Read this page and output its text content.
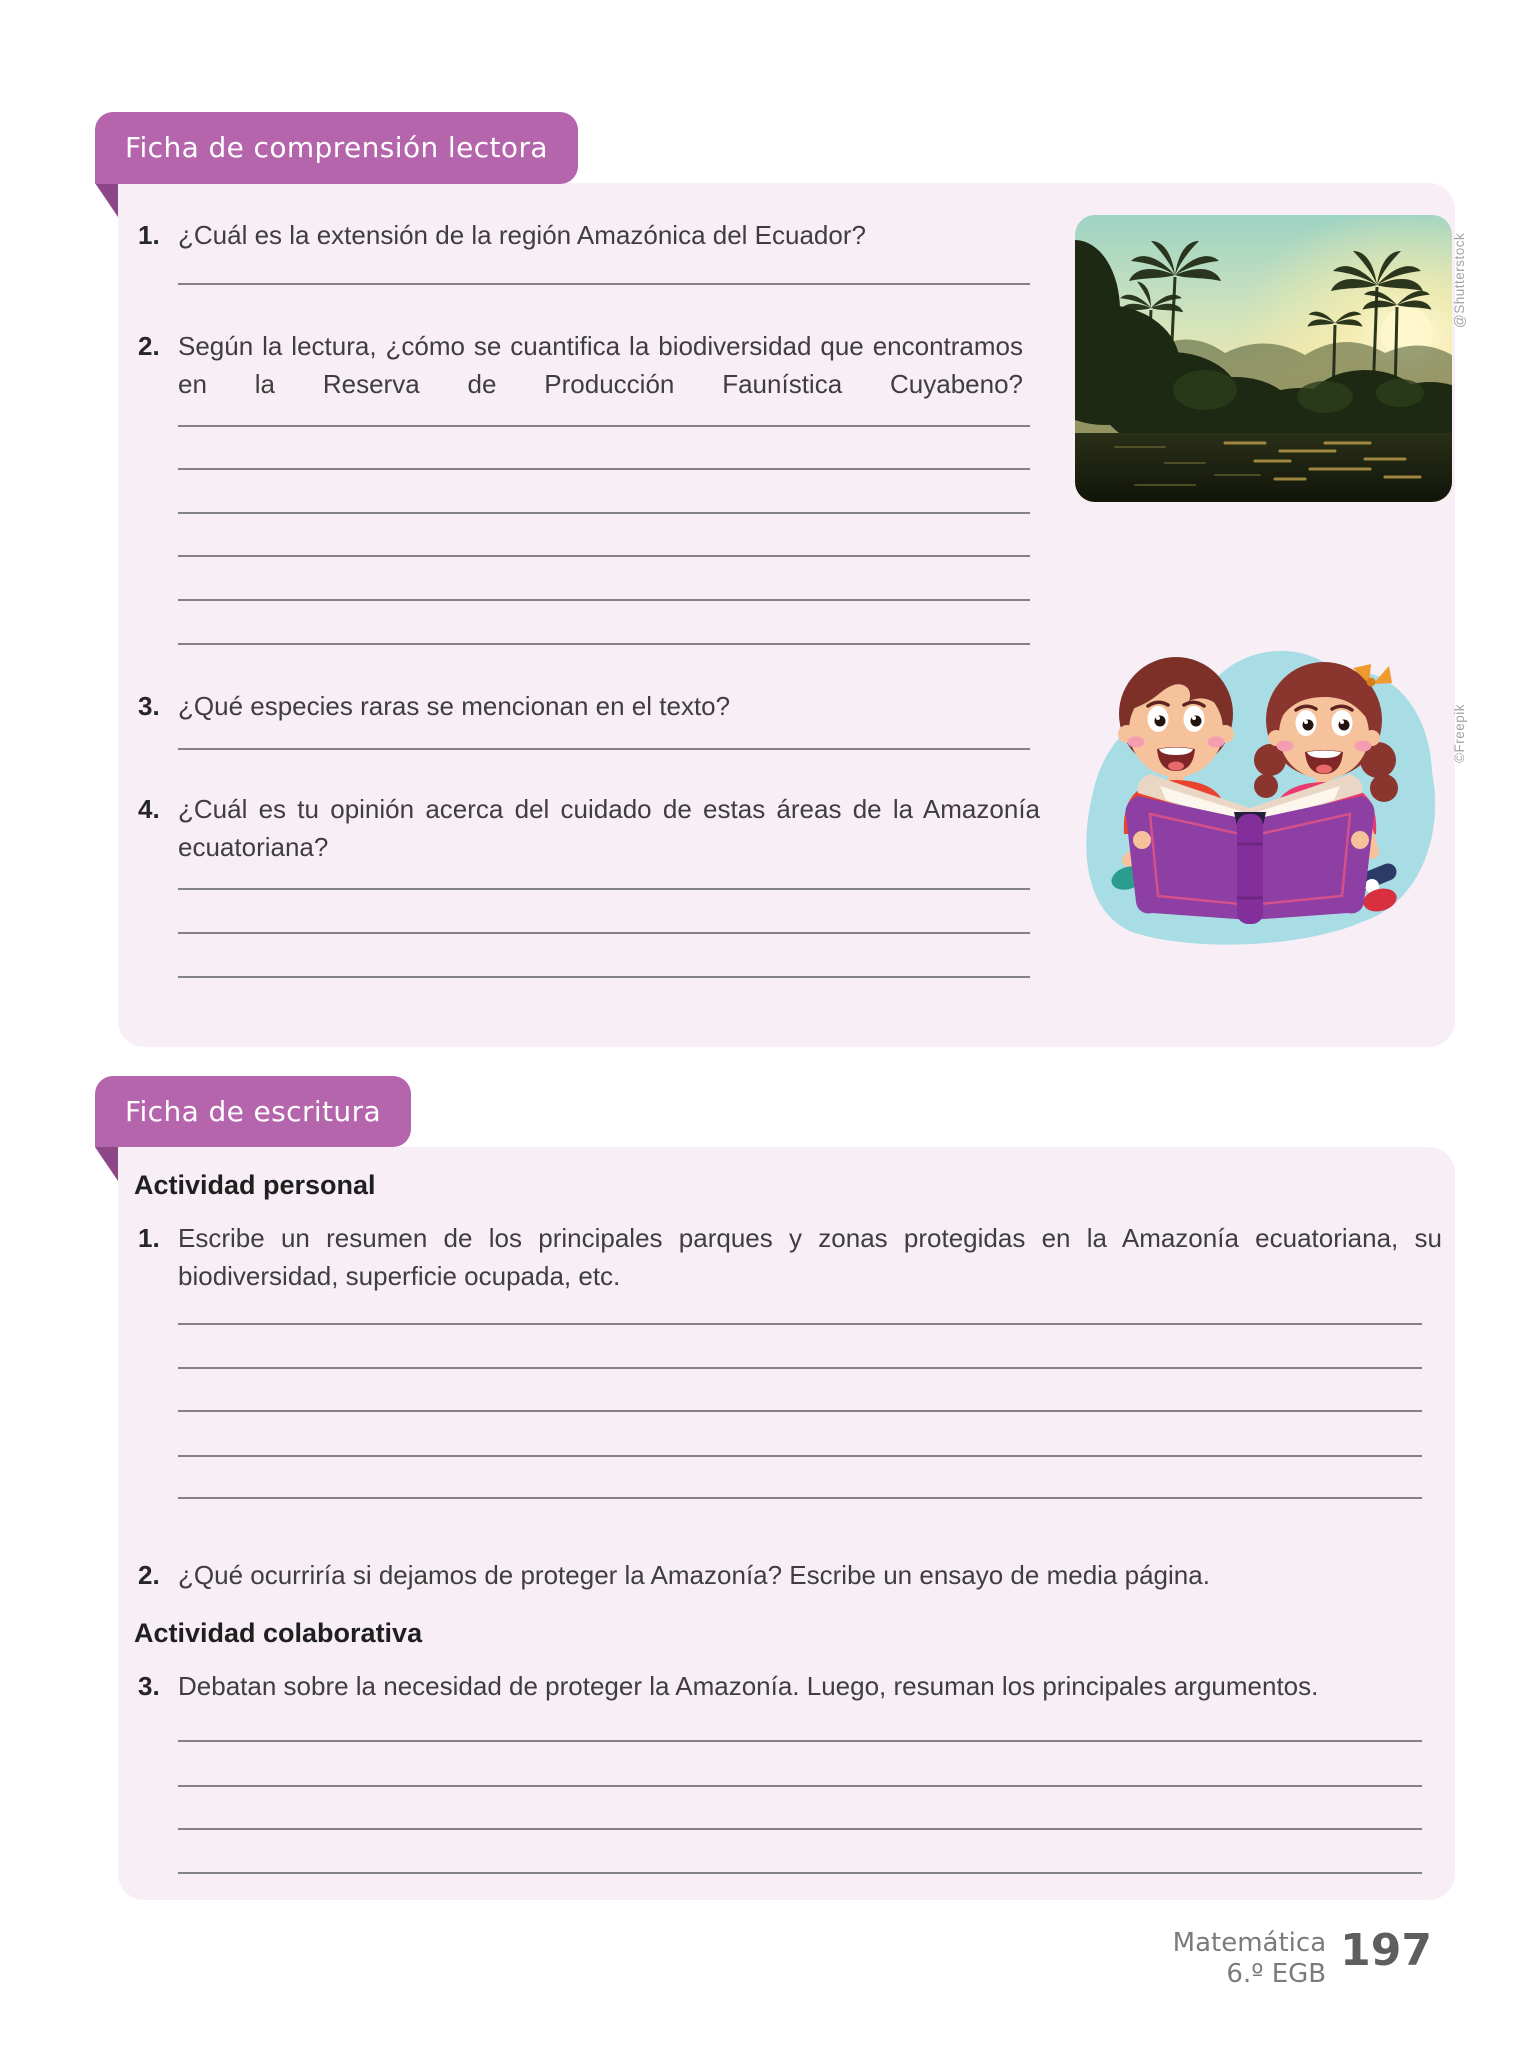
Ficha de comprensión lectora
1. ¿Cuál es la extensión de la región Amazónica del Ecuador?
2. Según la lectura, ¿cómo se cuantifica la biodiversidad que encontramos en la Reserva de Producción Faunística Cuyabeno?
3. ¿Qué especies raras se mencionan en el texto?
4. ¿Cuál es tu opinión acerca del cuidado de estas áreas de la Amazonía ecuatoriana?
@Shutterstock
©Freepik
Ficha de escritura
Actividad personal
1. Escribe un resumen de los principales parques y zonas protegidas en la Amazonía ecuatoriana, su biodiversidad, superficie ocupada, etc.
2. ¿Qué ocurriría si dejamos de proteger la Amazonía? Escribe un ensayo de media página.
Actividad colaborativa
3. Debatan sobre la necesidad de proteger la Amazonía. Luego, resuman los principales argumentos.
Matemática
6.º EGB 197
